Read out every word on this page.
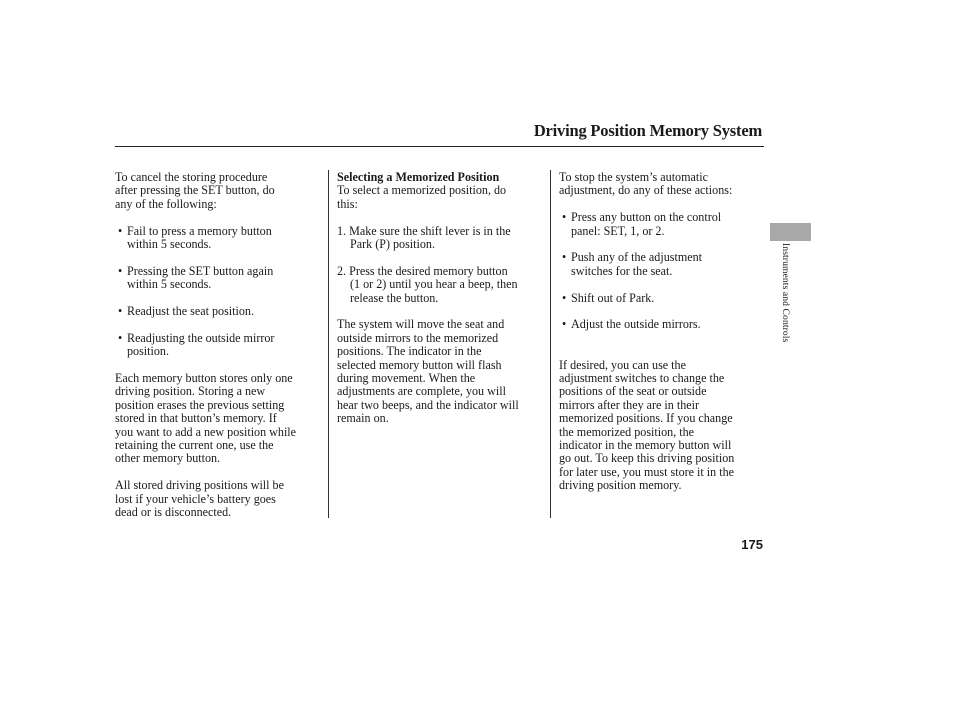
Driving Position Memory System
Instruments and Controls

To cancel the storing procedure

after pressing the SET button, do

any of the following:

• Fail to press a memory button

within 5 seconds.

• Pressing the SET button again

within 5 seconds.

• Readjust the seat position.

• Readjusting the outside mirror

position.

Each memory button stores only one

driving position. Storing a new

position erases the previous setting

stored in that button’s memory. If

you want to add a new position while

retaining the current one, use the

other memory button.

All stored driving positions will be

lost if your vehicle’s battery goes

dead or is disconnected.

Selecting a Memorized Position

To select a memorized position, do

this:

1. Make sure the shift lever is in the

Park (P) position.

2. Press the desired memory button

(1 or 2) until you hear a beep, then

release the button.

The system will move the seat and

outside mirrors to the memorized

positions. The indicator in the

selected memory button will flash

during movement. When the

adjustments are complete, you will

hear two beeps, and the indicator will

remain on.

To stop the system’s automatic

adjustment, do any of these actions:

• Press any button on the control

panel: SET, 1, or 2.

• Push any of the adjustment

switches for the seat.

• Shift out of Park.

• Adjust the outside mirrors.

If desired, you can use the

adjustment switches to change the

positions of the seat or outside

mirrors after they are in their

memorized positions. If you change

the memorized position, the

indicator in the memory button will

go out. To keep this driving position

for later use, you must store it in the

driving position memory.

175
